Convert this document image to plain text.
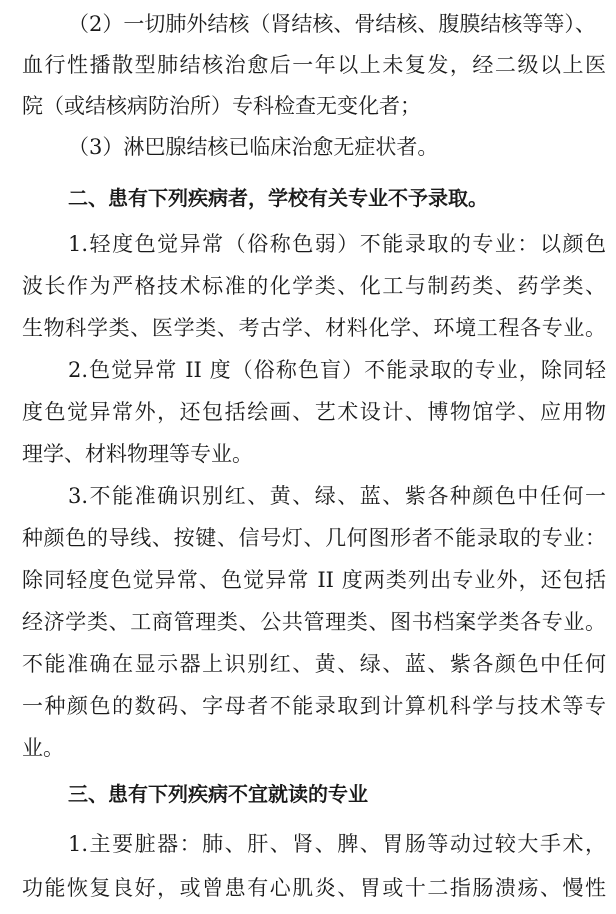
（2）一切肺外结核（肾结核、骨结核、腹膜结核等等）、
血行性播散型肺结核治愈后一年以上未复发，经二级以上医
院（或结核病防治所）专科检查无变化者；
（3）淋巴腺结核已临床治愈无症状者。
二、患有下列疾病者，学校有关专业不予录取。
1.轻度色觉异常（俗称色弱）不能录取的专业：以颜色
波长作为严格技术标准的化学类、化工与制药类、药学类、
生物科学类、医学类、考古学、材料化学、环境工程各专业。
2.色觉异常 II 度（俗称色盲）不能录取的专业，除同轻
度色觉异常外，还包括绘画、艺术设计、博物馆学、应用物
理学、材料物理等专业。
3.不能准确识别红、黄、绿、蓝、紫各种颜色中任何一
种颜色的导线、按键、信号灯、几何图形者不能录取的专业：
除同轻度色觉异常、色觉异常 II 度两类列出专业外，还包括
经济学类、工商管理类、公共管理类、图书档案学类各专业。
不能准确在显示器上识别红、黄、绿、蓝、紫各颜色中任何
一种颜色的数码、字母者不能录取到计算机科学与技术等专
业。
三、患有下列疾病不宜就读的专业
1.主要脏器：肺、肝、肾、脾、胃肠等动过较大手术，
功能恢复良好，或曾患有心肌炎、胃或十二指肠溃疡、慢性
